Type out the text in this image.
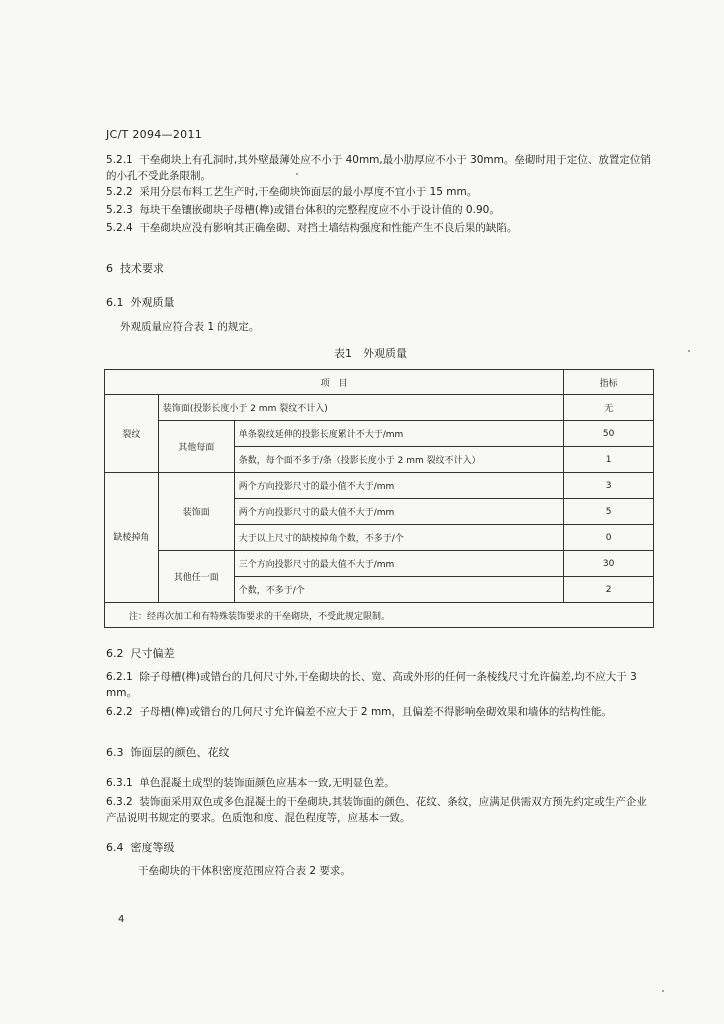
JC/T 2094—2011
5.2.1 干垒砌块上有孔洞时,其外壁最薄处应不小于 40mm,最小肋厚应不小于 30mm。垒砌时用于定位、放置定位销的小孔不受此条限制。
5.2.2 采用分层布料工艺生产时,干垒砌块饰面层的最小厚度不宜小于 15 mm。
5.2.3 每块干垒镶嵌砌块子母槽(榫)或错台体积的完整程度应不小于设计值的 0.90。
5.2.4 干垒砌块应没有影响其正确垒砌、对挡土墙结构强度和性能产生不良后果的缺陷。
6 技术要求
6.1 外观质量
外观质量应符合表 1 的规定。
表1　外观质量
项　目			指标
裂纹	装饰面(投影长度小于 2 mm 裂纹不计入)		无
	其他每面	单条裂纹延伸的投影长度累计不大于/mm	50
		条数，每个面不多于/条（投影长度小于 2 mm 裂纹不计入）	1
缺棱掉角	装饰面	两个方向投影尺寸的最小值不大于/mm	3
		两个方向投影尺寸的最大值不大于/mm	5
		大于以上尺寸的缺棱掉角个数，不多于/个	0
	其他任一面	三个方向投影尺寸的最大值不大于/mm	30
		个数，不多于/个	2
注：经再次加工和有特殊装饰要求的干垒砌块，不受此规定限制。			
6.2 尺寸偏差
6.2.1 除子母槽(榫)或错台的几何尺寸外,干垒砌块的长、宽、高或外形的任何一条棱线尺寸允许偏差,均不应大于 3 mm。
6.2.2 子母槽(榫)或错台的几何尺寸允许偏差不应大于 2 mm，且偏差不得影响垒砌效果和墙体的结构性能。
6.3 饰面层的颜色、花纹
6.3.1 单色混凝土成型的装饰面颜色应基本一致,无明显色差。
6.3.2 装饰面采用双色或多色混凝土的干垒砌块,其装饰面的颜色、花纹、条纹，应满足供需双方预先约定或生产企业产品说明书规定的要求。色质饱和度、混色程度等，应基本一致。
6.4 密度等级
干垒砌块的干体积密度范围应符合表 2 要求。
4
